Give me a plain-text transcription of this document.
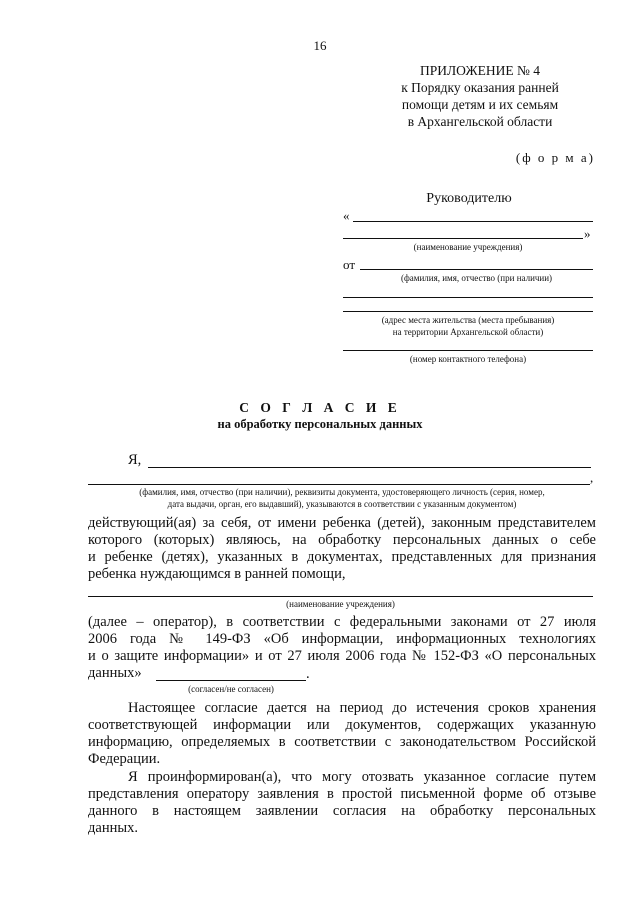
16
ПРИЛОЖЕНИЕ № 4
к Порядку оказания ранней
помощи детям и их семьям
в Архангельской области
(ф о р м а)
Руководителю
«
»
(наименование учреждения)
от
(фамилия, имя, отчество (при наличии)
(адрес места жительства (места пребывания)
на территории Архангельской области)
(номер контактного телефона)
С О Г Л А С И Е
на обработку персональных данных
Я,
,
(фамилия, имя, отчество (при наличии), реквизиты документа, удостоверяющего личность (серия, номер,
дата выдачи, орган, его выдавший), указываются в соответствии с указанным документом)
действующий(ая) за себя, от имени ребенка (детей), законным представителем
которого (которых) являюсь, на обработку персональных данных о себе
и ребенке (детях), указанных в документах, представленных для признания
ребенка нуждающимся в ранней помощи,
(наименование учреждения)
(далее – оператор), в соответствии с федеральными законами от 27 июля
2006 года № 149-ФЗ «Об информации, информационных технологиях
и о защите информации» и от 27 июля 2006 года № 152-ФЗ «О персональных
данных»	.
(согласен/не согласен)
Настоящее согласие дается на период до истечения сроков хранения
соответствующей информации или документов, содержащих указанную
информацию, определяемых в соответствии с законодательством Российской
Федерации.
Я проинформирован(а), что могу отозвать указанное согласие путем
представления оператору заявления в простой письменной форме об отзыве
данного в настоящем заявлении согласия на обработку персональных
данных.
